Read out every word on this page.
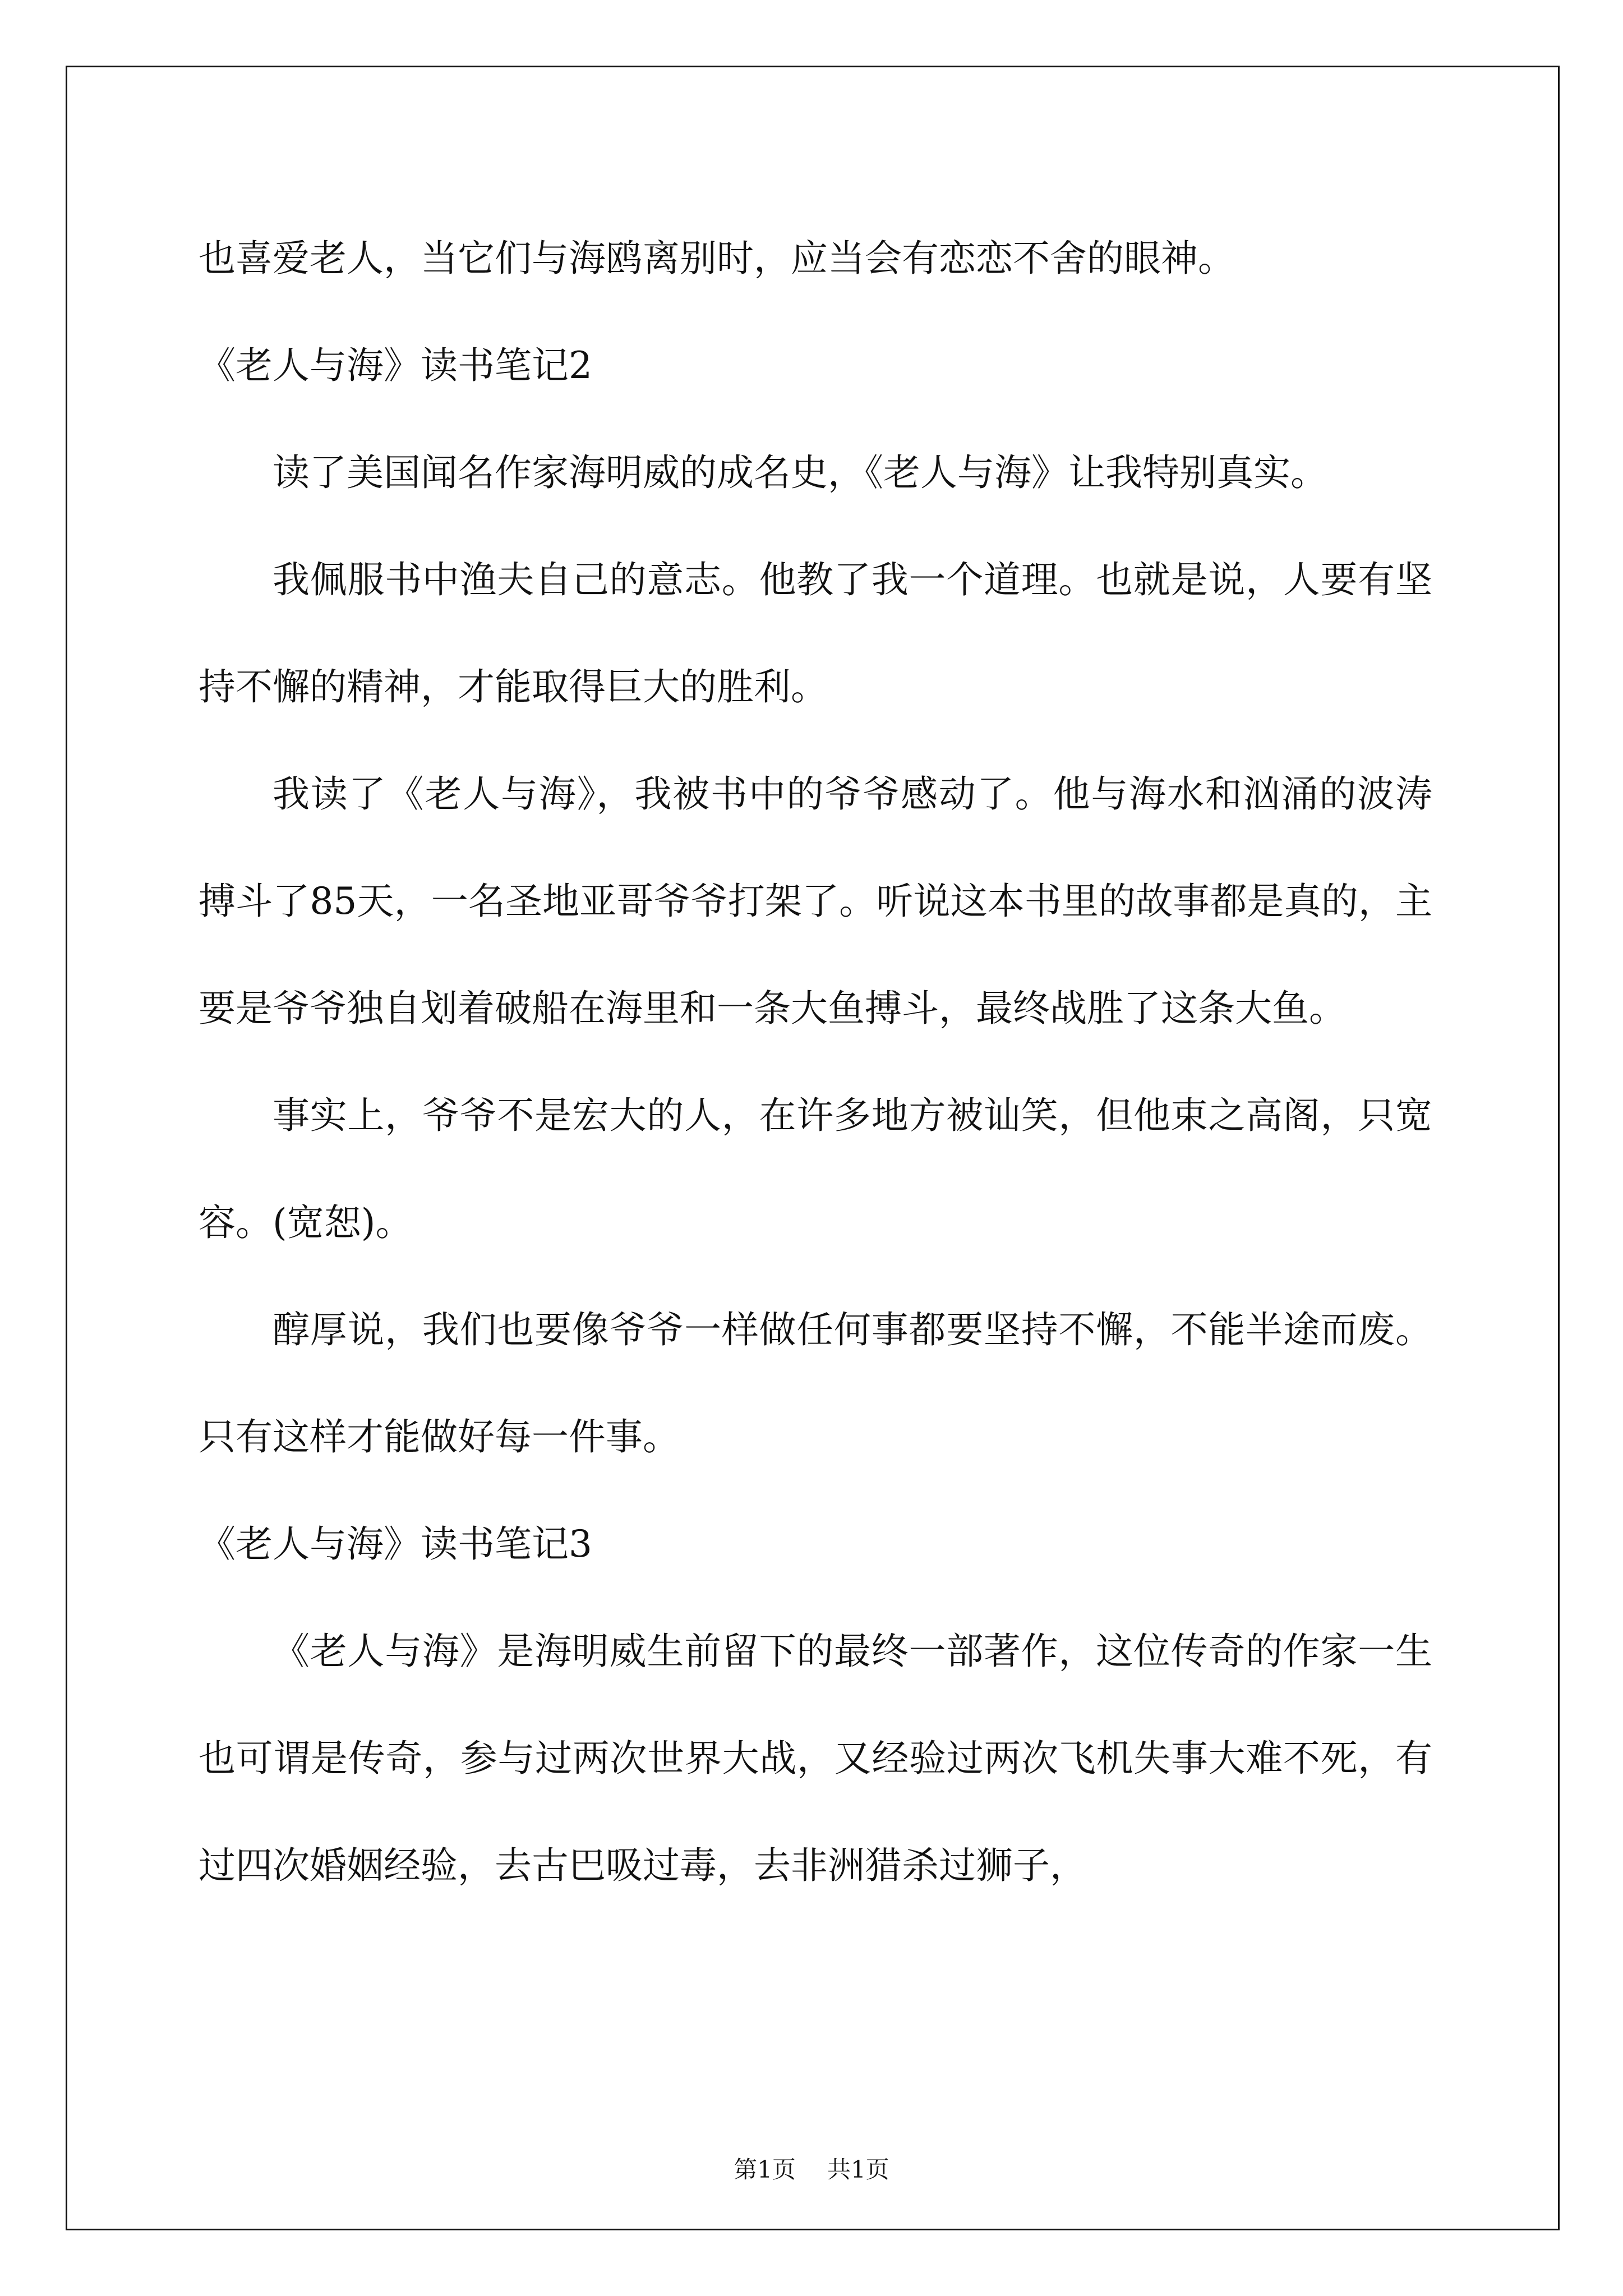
也喜爱老人，当它们与海鸥离别时，应当会有恋恋不舍的眼神。

《老人与海》读书笔记2

读了美国闻名作家海明威的成名史，《老人与海》让我特别真实。

我佩服书中渔夫自己的意志。他教了我一个道理。也就是说，人要有坚持不懈的精神，才能取得巨大的胜利。

我读了《老人与海》，我被书中的爷爷感动了。他与海水和汹涌的波涛搏斗了85天，一名圣地亚哥爷爷打架了。听说这本书里的故事都是真的，主要是爷爷独自划着破船在海里和一条大鱼搏斗，最终战胜了这条大鱼。

事实上，爷爷不是宏大的人，在许多地方被讪笑，但他束之高阁，只宽容。(宽恕)。

醇厚说，我们也要像爷爷一样做任何事都要坚持不懈，不能半途而废。只有这样才能做好每一件事。

《老人与海》读书笔记3

《老人与海》是海明威生前留下的最终一部著作，这位传奇的作家一生也可谓是传奇，参与过两次世界大战，又经验过两次飞机失事大难不死，有过四次婚姻经验，去古巴吸过毒，去非洲猎杀过狮子，

第1页 共1页
